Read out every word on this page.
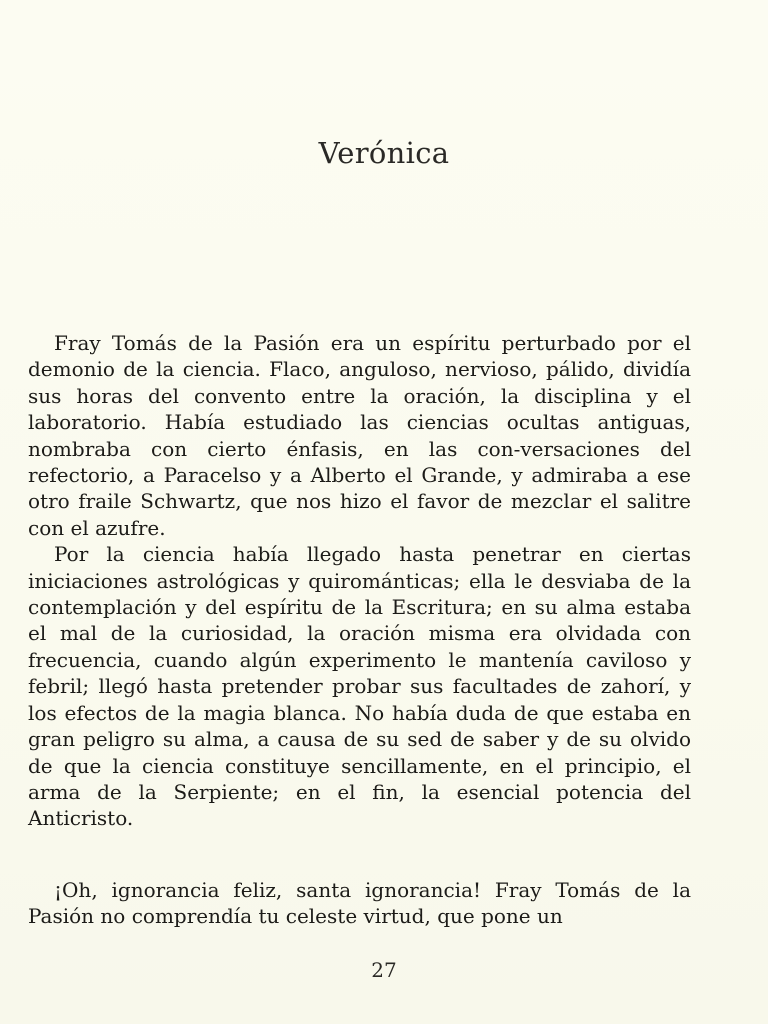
Verónica

Fray Tomás de la Pasión era un espíritu perturbado por el demonio de la ciencia. Flaco, anguloso, nervioso, pálido, dividía sus horas del convento entre la oración, la disciplina y el laboratorio. Había estudiado las ciencias ocultas antiguas, nombraba con cierto énfasis, en las con-versaciones del refectorio, a Paracelso y a Alberto el Grande, y admiraba a ese otro fraile Schwartz, que nos hizo el favor de mezclar el salitre con el azufre.

Por la ciencia había llegado hasta penetrar en ciertas iniciaciones astrológicas y quirománticas; ella le desviaba de la contemplación y del espíritu de la Escritura; en su alma estaba el mal de la curiosidad, la oración misma era olvidada con frecuencia, cuando algún experimento le mantenía caviloso y febril; llegó hasta pretender probar sus facultades de zahorí, y los efectos de la magia blanca. No había duda de que estaba en gran peligro su alma, a causa de su sed de saber y de su olvido de que la ciencia constituye sencillamente, en el principio, el arma de la Serpiente; en el fin, la esencial potencia del Anticristo.

¡Oh, ignorancia feliz, santa ignorancia! Fray Tomás de la Pasión no comprendía tu celeste virtud, que pone un

27
